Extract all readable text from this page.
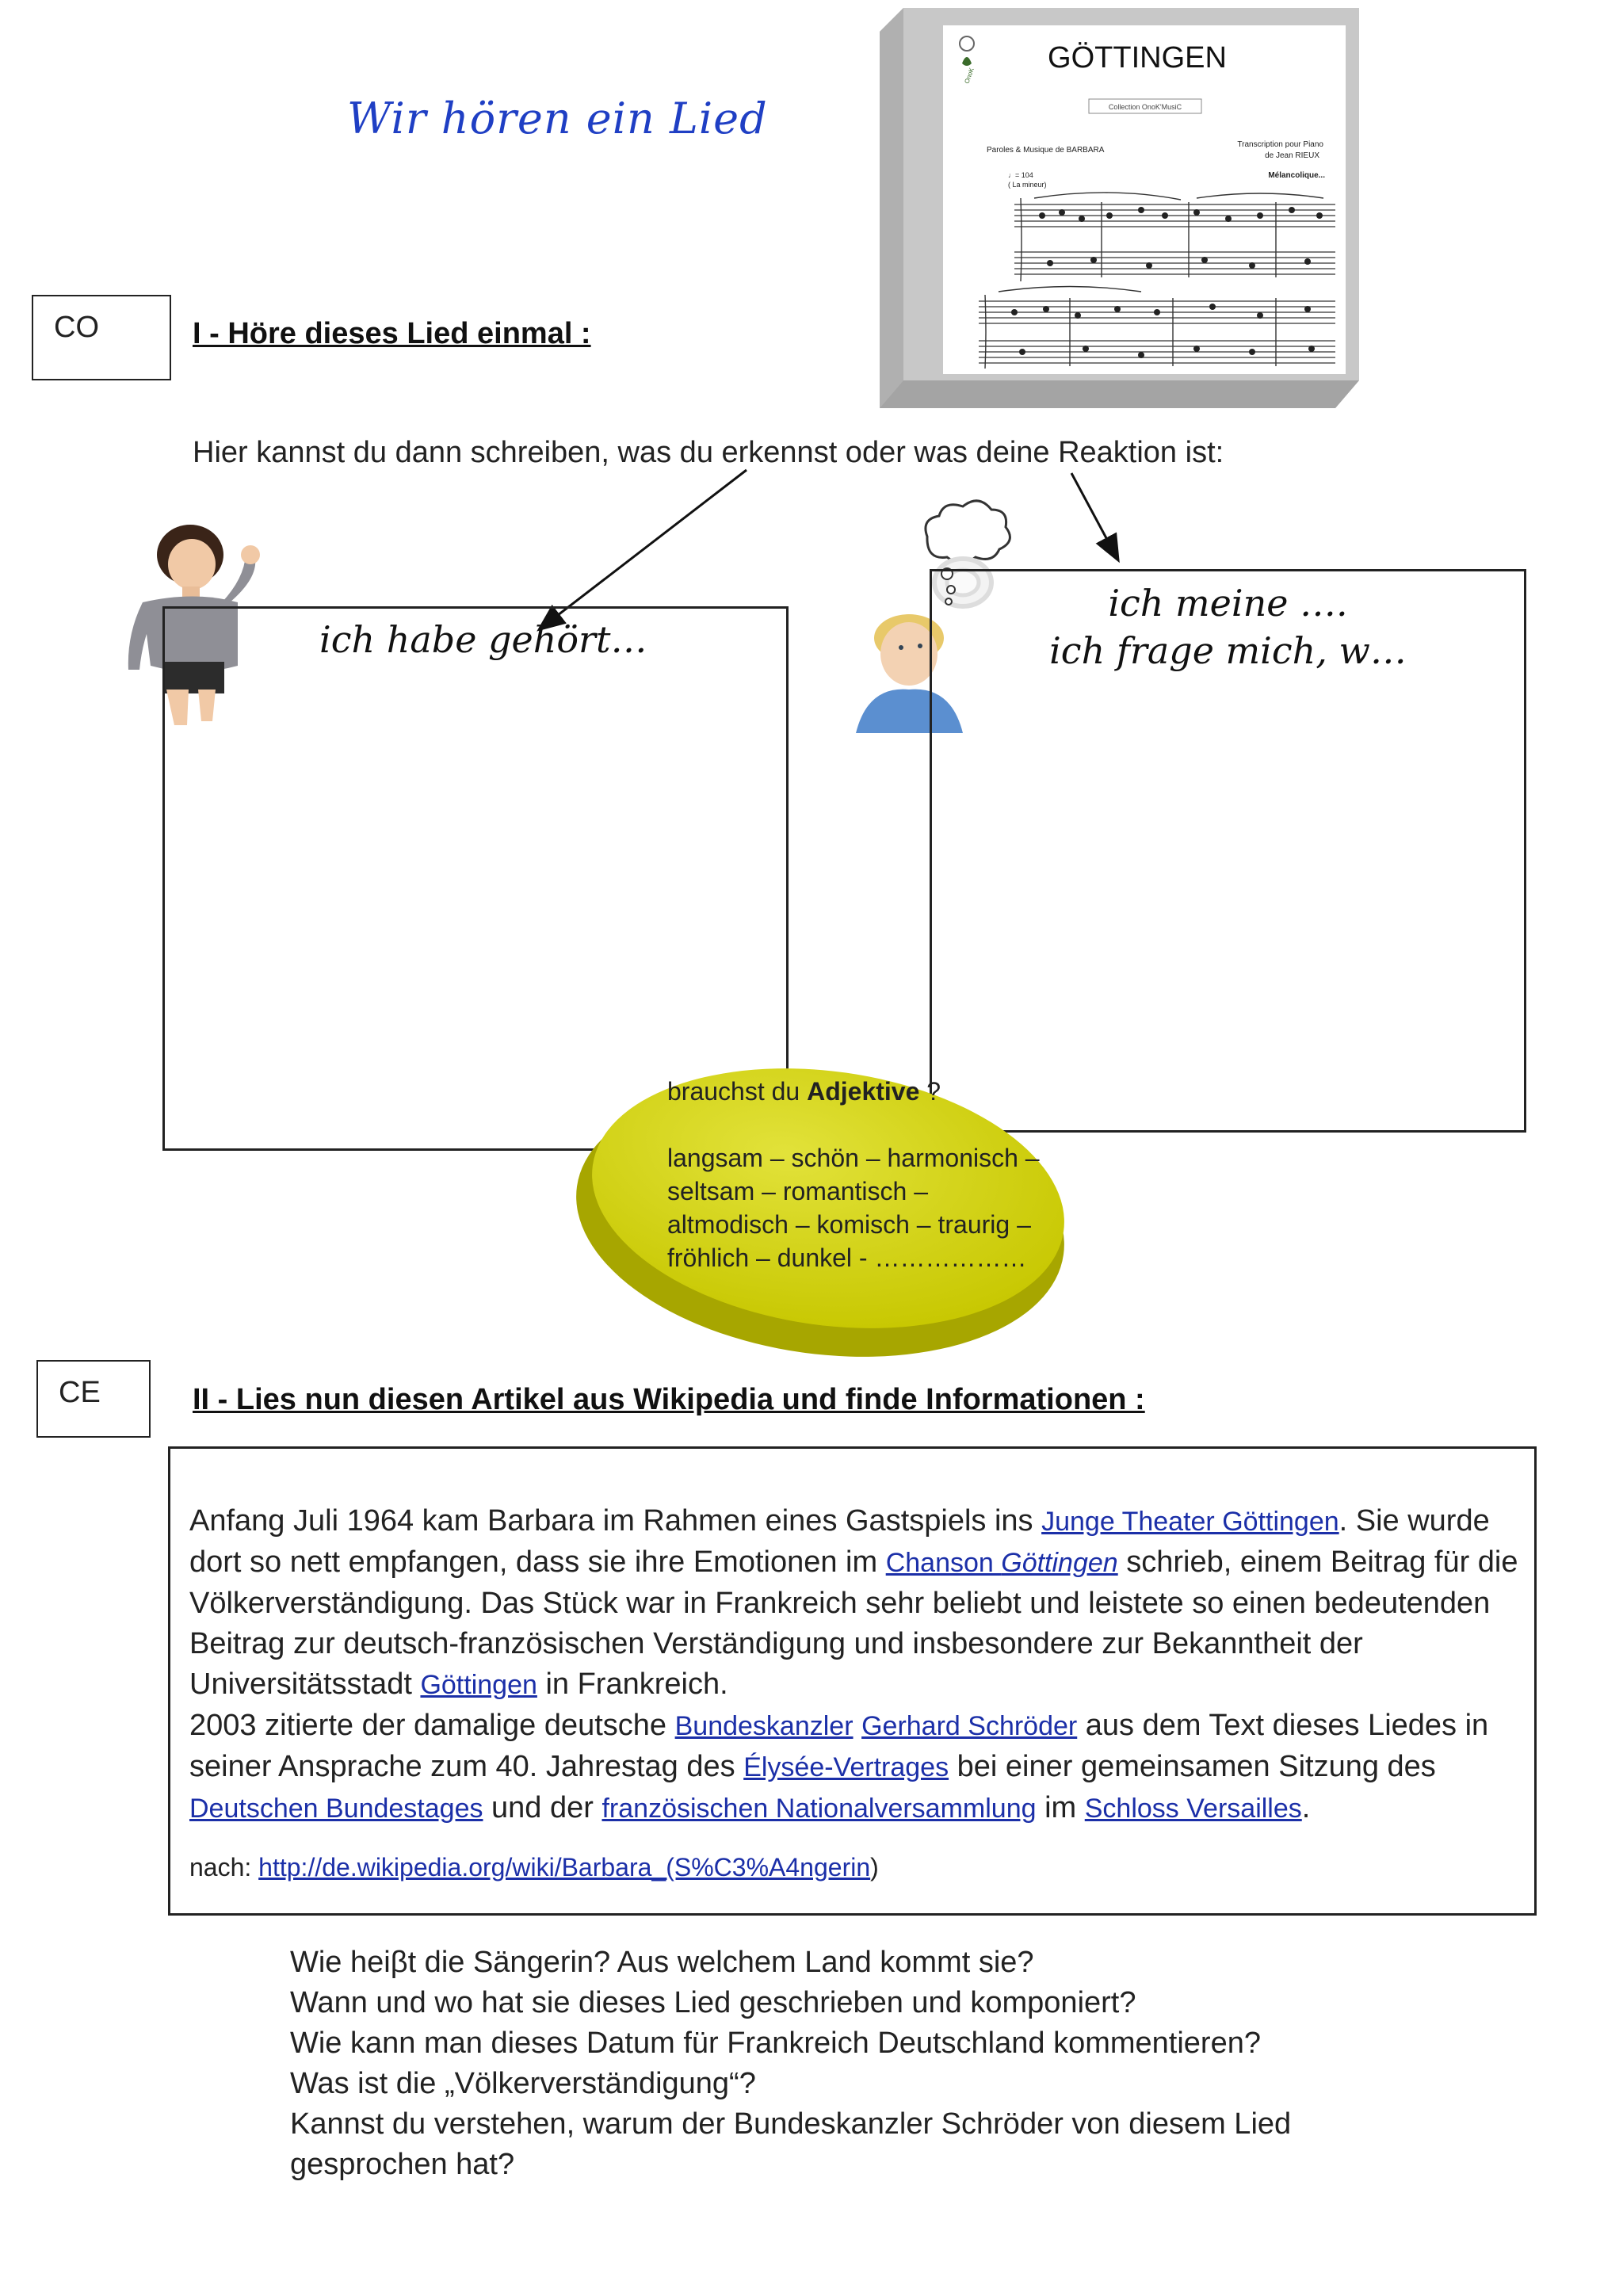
Wir hören ein Lied
OnoK
GÖTTINGEN
Collection OnoK'MusiC
Paroles & Musique de BARBARA
Transcription pour Piano
de Jean RIEUX
♩= 104
( La mineur)
Mélancolique...
CO	I - Höre dieses Lied einmal :
Hier kannst du dann schreiben, was du erkennst oder was deine Reaktion ist:
ich habe gehört…
ich meine ….
ich frage mich, w…
brauchst du Adjektive ?
langsam – schön – harmonisch –
seltsam – romantisch –
altmodisch – komisch – traurig –
fröhlich – dunkel - ………………
CE	II - Lies nun diesen Artikel aus Wikipedia und finde Informationen :
Anfang Juli 1964 kam Barbara im Rahmen eines Gastspiels ins Junge Theater Göttingen. Sie wurde dort so nett empfangen, dass sie ihre Emotionen im Chanson Göttingen schrieb, einem Beitrag für die Völkerverständigung. Das Stück war in Frankreich sehr beliebt und leistete so einen bedeutenden Beitrag zur deutsch-französischen Verständigung und insbesondere zur Bekanntheit der Universitätsstadt Göttingen in Frankreich.
2003 zitierte der damalige deutsche Bundeskanzler Gerhard Schröder aus dem Text dieses Liedes in seiner Ansprache zum 40. Jahrestag des Élysée-Vertrages bei einer gemeinsamen Sitzung des Deutschen Bundestages und der französischen Nationalversammlung im Schloss Versailles.
nach: http://de.wikipedia.org/wiki/Barbara_(S%C3%A4ngerin)
Wie heiβt die Sängerin? Aus welchem Land kommt sie?
Wann und wo hat sie dieses Lied geschrieben und komponiert?
Wie kann man dieses Datum für Frankreich Deutschland kommentieren?
Was ist die „Völkerverständigung“?
Kannst du verstehen, warum der Bundeskanzler Schröder von diesem Lied
gesprochen hat?
